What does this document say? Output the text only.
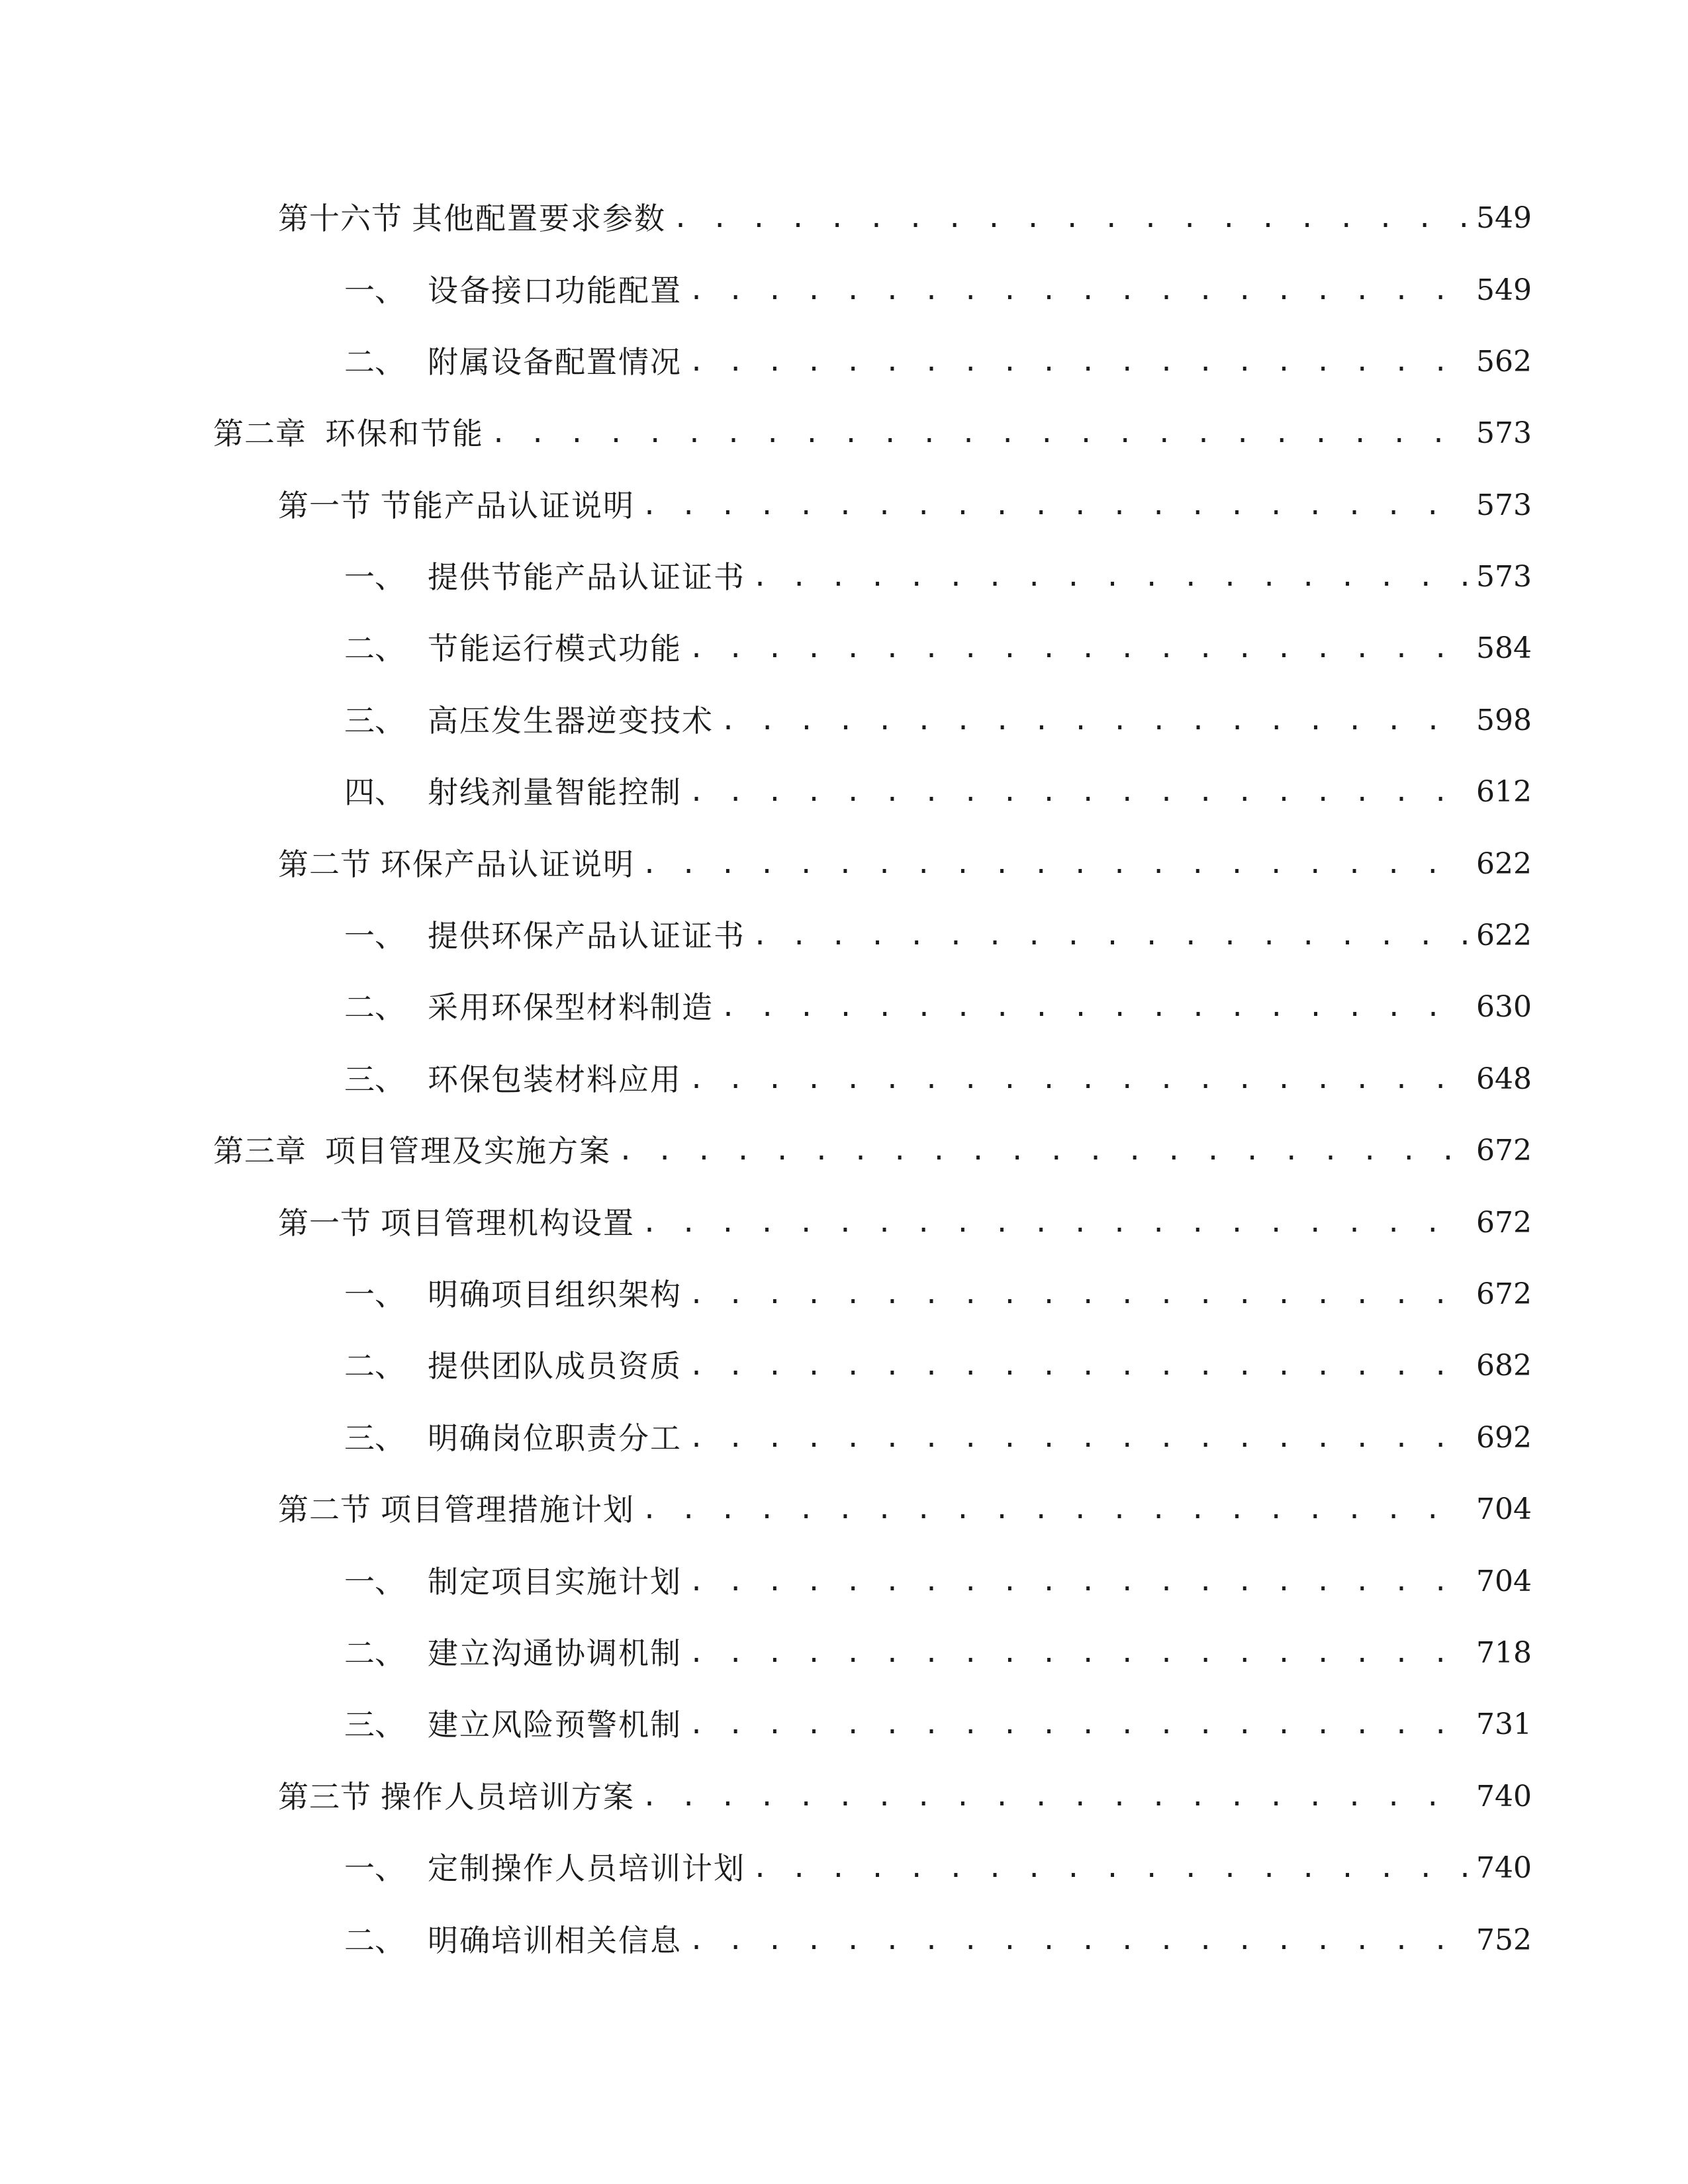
第十六节 其他配置要求参数 . . .	549
一、 设备接口功能配置 . . .	549
二、 附属设备配置情况 . . .	562
第二章 环保和节能 . . .	573
第一节 节能产品认证说明 . . .	573
一、 提供节能产品认证证书 . . .	573
二、 节能运行模式功能 . . .	584
三、 高压发生器逆变技术 . . .	598
四、 射线剂量智能控制 . . .	612
第二节 环保产品认证说明 . . .	622
一、 提供环保产品认证证书 . . .	622
二、 采用环保型材料制造 . . .	630
三、 环保包装材料应用 . . .	648
第三章 项目管理及实施方案 . . .	672
第一节 项目管理机构设置 . . .	672
一、 明确项目组织架构 . . .	672
二、 提供团队成员资质 . . .	682
三、 明确岗位职责分工 . . .	692
第二节 项目管理措施计划 . . .	704
一、 制定项目实施计划 . . .	704
二、 建立沟通协调机制 . . .	718
三、 建立风险预警机制 . . .	731
第三节 操作人员培训方案 . . .	740
一、 定制操作人员培训计划 . . .	740
二、 明确培训相关信息 . . .	752
